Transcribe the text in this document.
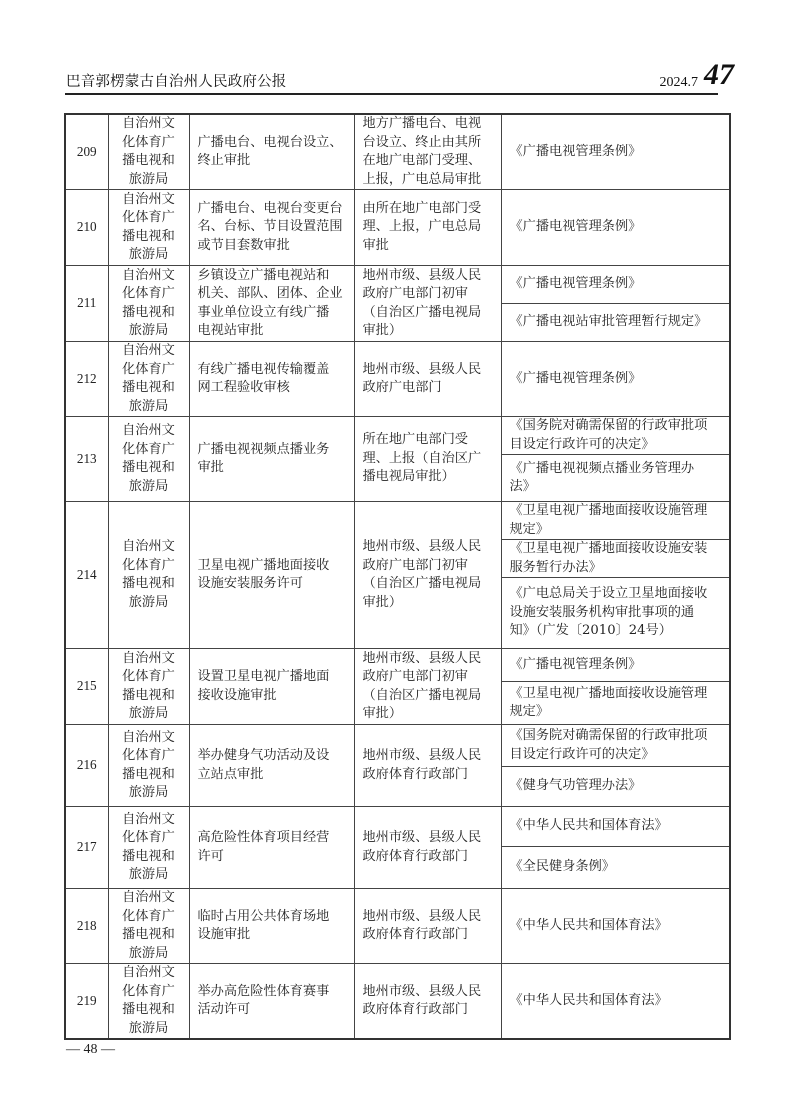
巴音郭楞蒙古自治州人民政府公报	2024.7 47
209	自治州文
化体育广
播电视和
旅游局	广播电台、电视台设立、
终止审批	地方广播电台、电视
台设立、终止由其所
在地广电部门受理、
上报，广电总局审批	《广播电视管理条例》

210	自治州文
化体育广
播电视和
旅游局	广播电台、电视台变更台
名、台标、节目设置范围
或节目套数审批	由所在地广电部门受
理、上报，广电总局
审批	《广播电视管理条例》

211	自治州文
化体育广
播电视和
旅游局	乡镇设立广播电视站和
机关、部队、团体、企业
事业单位设立有线广播
电视站审批	地州市级、县级人民
政府广电部门初审
（自治区广播电视局
审批）	《广播电视管理条例》

				《广播电视站审批管理暂行规定》

212	自治州文
化体育广
播电视和
旅游局	有线广播电视传输覆盖
网工程验收审核	地州市级、县级人民
政府广电部门	《广播电视管理条例》

213	自治州文
化体育广
播电视和
旅游局	广播电视视频点播业务
审批	所在地广电部门受
理、上报（自治区广
播电视局审批）	《国务院对确需保留的行政审批项
目设定行政许可的决定》

				《广播电视视频点播业务管理办
法》

214	自治州文
化体育广
播电视和
旅游局	卫星电视广播地面接收
设施安装服务许可	地州市级、县级人民
政府广电部门初审
（自治区广播电视局
审批）	《卫星电视广播地面接收设施管理
规定》

				《卫星电视广播地面接收设施安装
服务暂行办法》

				《广电总局关于设立卫星地面接收
设施安装服务机构审批事项的通
知》（广发〔2010〕24号）

215	自治州文
化体育广
播电视和
旅游局	设置卫星电视广播地面
接收设施审批	地州市级、县级人民
政府广电部门初审
（自治区广播电视局
审批）	《广播电视管理条例》

				《卫星电视广播地面接收设施管理
规定》

216	自治州文
化体育广
播电视和
旅游局	举办健身气功活动及设
立站点审批	地州市级、县级人民
政府体育行政部门	《国务院对确需保留的行政审批项
目设定行政许可的决定》

				《健身气功管理办法》

217	自治州文
化体育广
播电视和
旅游局	高危险性体育项目经营
许可	地州市级、县级人民
政府体育行政部门	《中华人民共和国体育法》

				《全民健身条例》

218	自治州文
化体育广
播电视和
旅游局	临时占用公共体育场地
设施审批	地州市级、县级人民
政府体育行政部门	《中华人民共和国体育法》

219	自治州文
化体育广
播电视和
旅游局	举办高危险性体育赛事
活动许可	地州市级、县级人民
政府体育行政部门	《中华人民共和国体育法》
— 48 —
